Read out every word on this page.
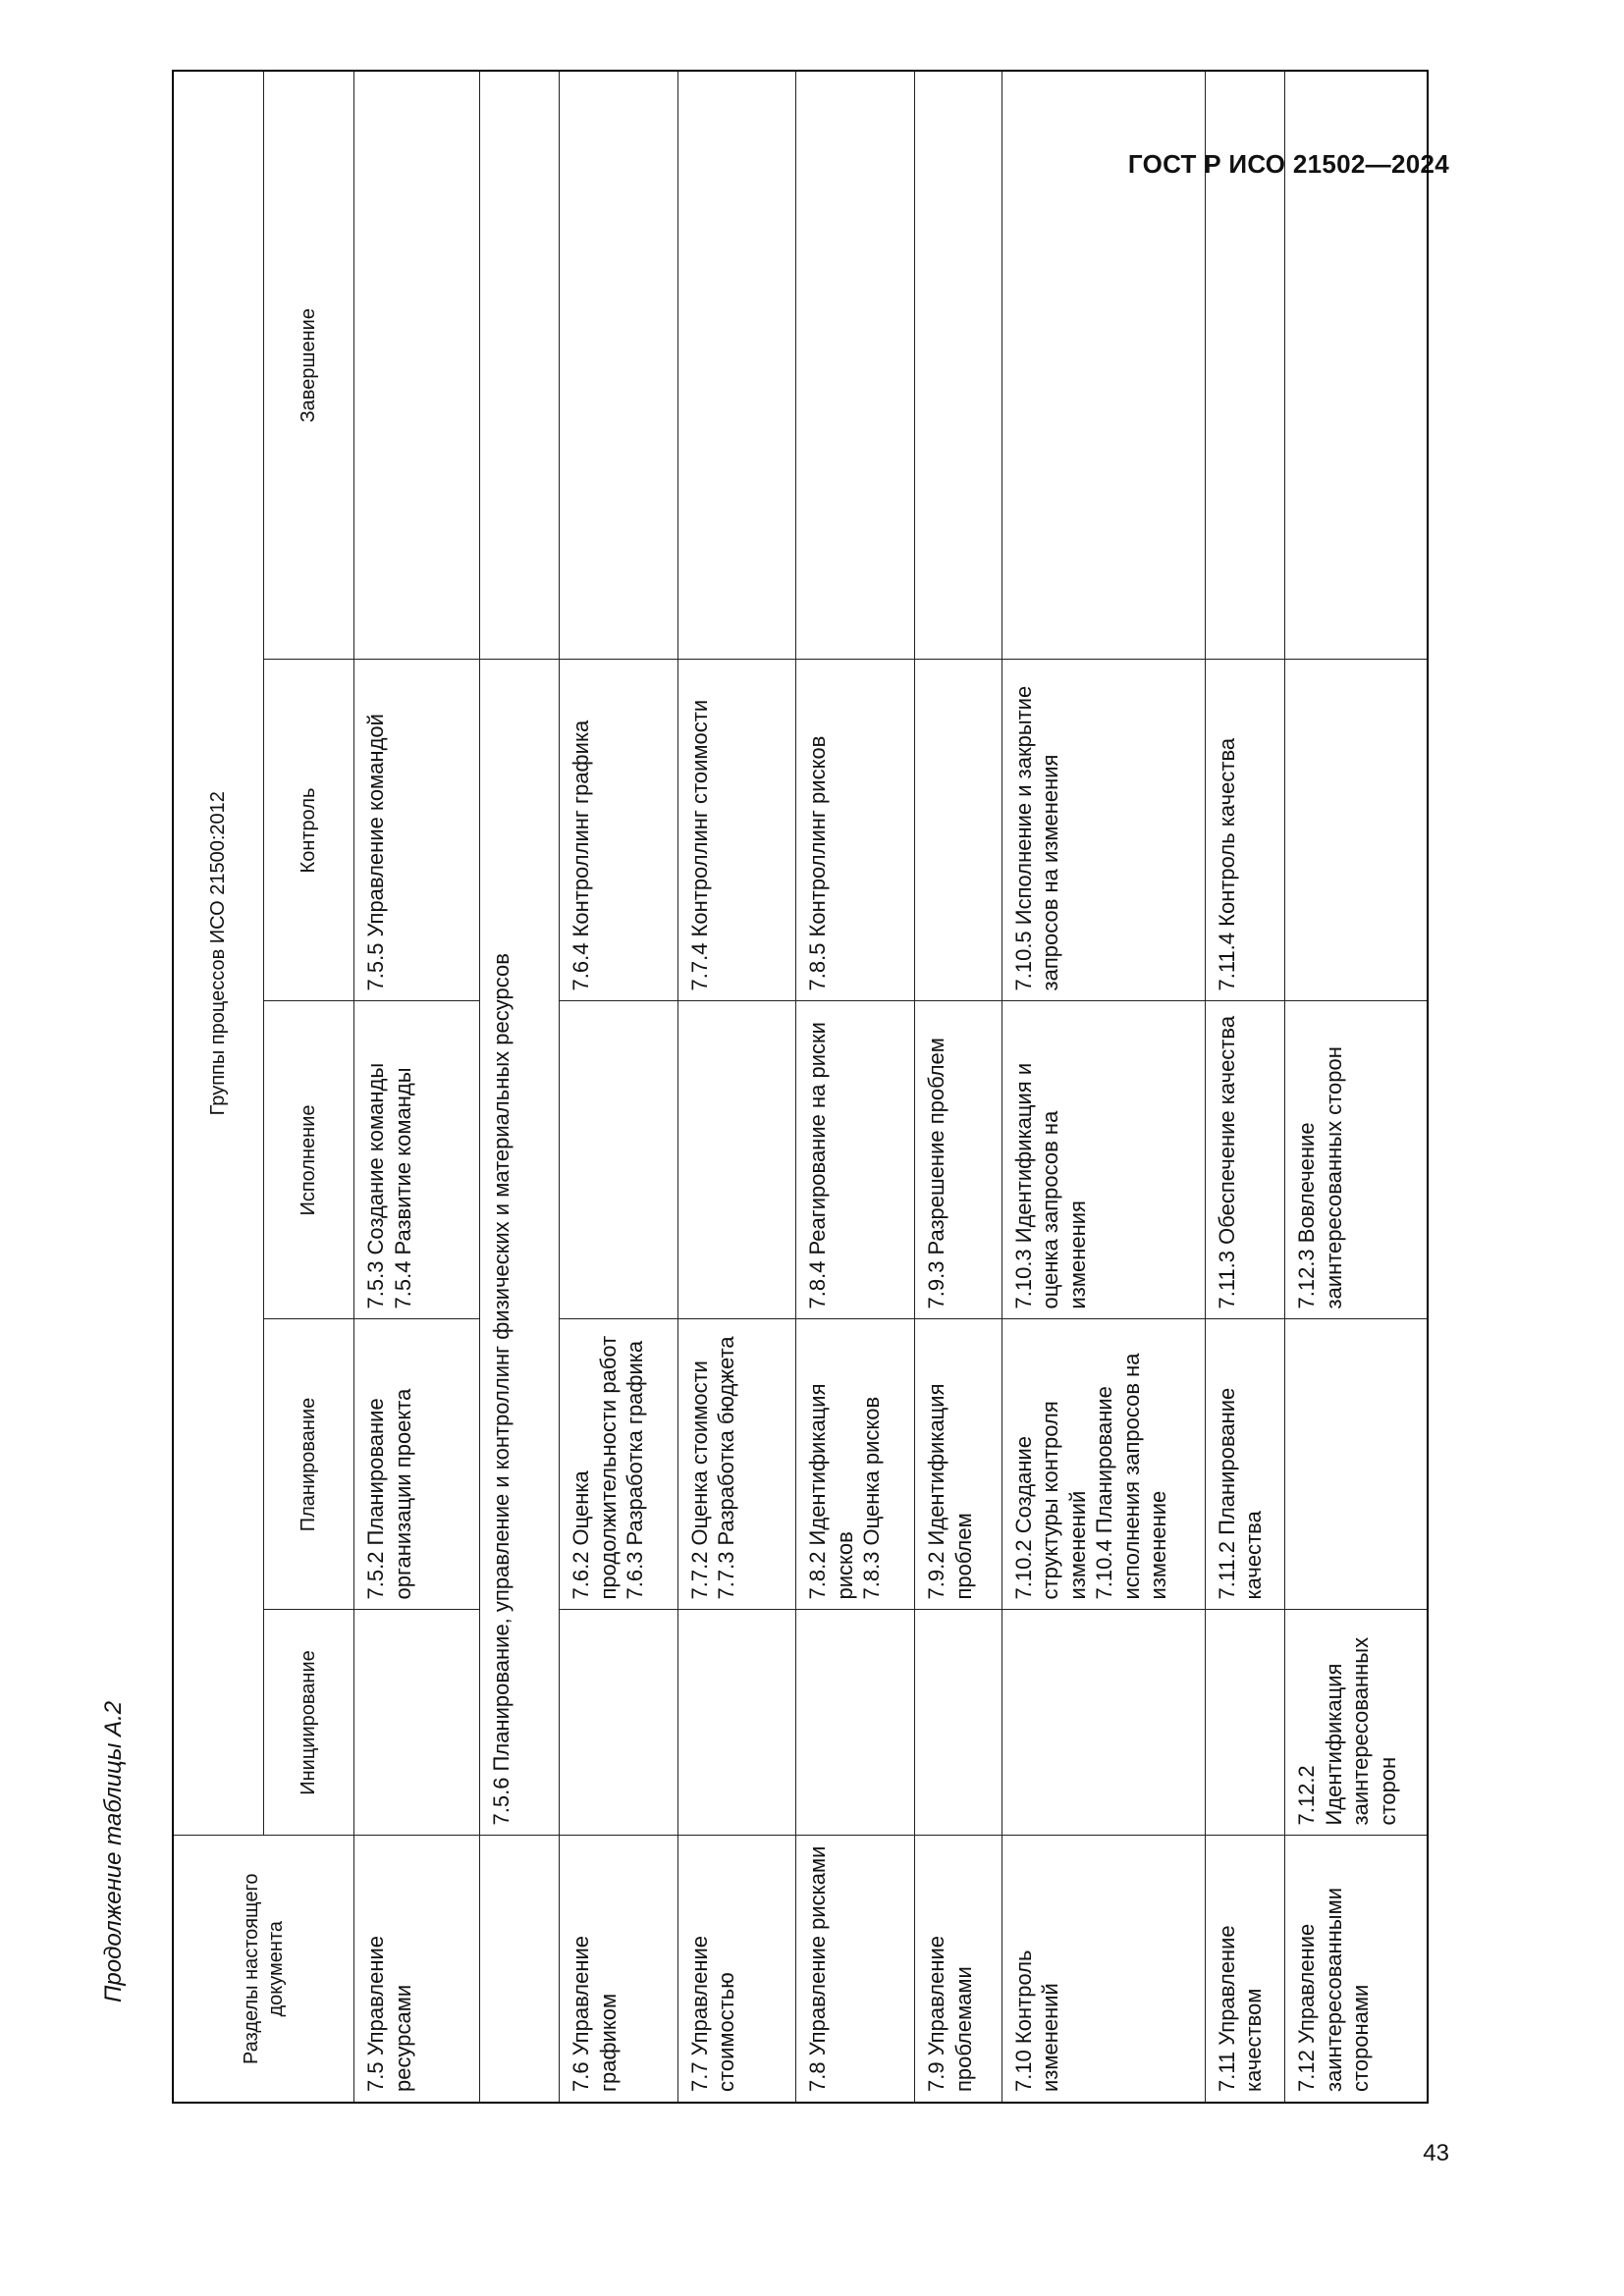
ГОСТ Р ИСО 21502—2024
Продолжение таблицы А.2	Разделы настоящего документа	Группы процессов ИСО 21500:2012				
	Инициирование	Планирование	Исполнение	Контроль	Завершение
7.5 Управление ресурсами		7.5.2 Планирование организации проекта	7.5.3 Создание команды 7.5.4 Развитие команды	7.5.5 Управление командой	
	7.5.6 Планирование, управление и контроллинг физических и материальных ресурсов				
7.6 Управление графиком		7.6.2 Оценка продолжительности работ 7.6.3 Разработка графика		7.6.4 Контроллинг графика	
7.7 Управление стоимостью		7.7.2 Оценка стоимости 7.7.3 Разработка бюджета		7.7.4 Контроллинг стоимости	
7.8 Управление рисками		7.8.2 Идентификация рисков 7.8.3 Оценка рисков	7.8.4 Реагирование на риски	7.8.5 Контроллинг рисков	
7.9 Управление проблемами		7.9.2 Идентификация проблем	7.9.3 Разрешение проблем		
7.10 Контроль изменений		7.10.2 Создание структуры контроля изменений 7.10.4 Планирование исполнения запросов на изменение	7.10.3 Идентификация и оценка запросов на изменения	7.10.5 Исполнение и закрытие запросов на изменения	
7.11 Управление качеством		7.11.2 Планирование качества	7.11.3 Обеспечение качества	7.11.4 Контроль качества	
7.12 Управление заинтересованными сторонами	7.12.2 Идентификация заинтересованных сторон		7.12.3 Вовлечение заинтересованных сторон		
43
